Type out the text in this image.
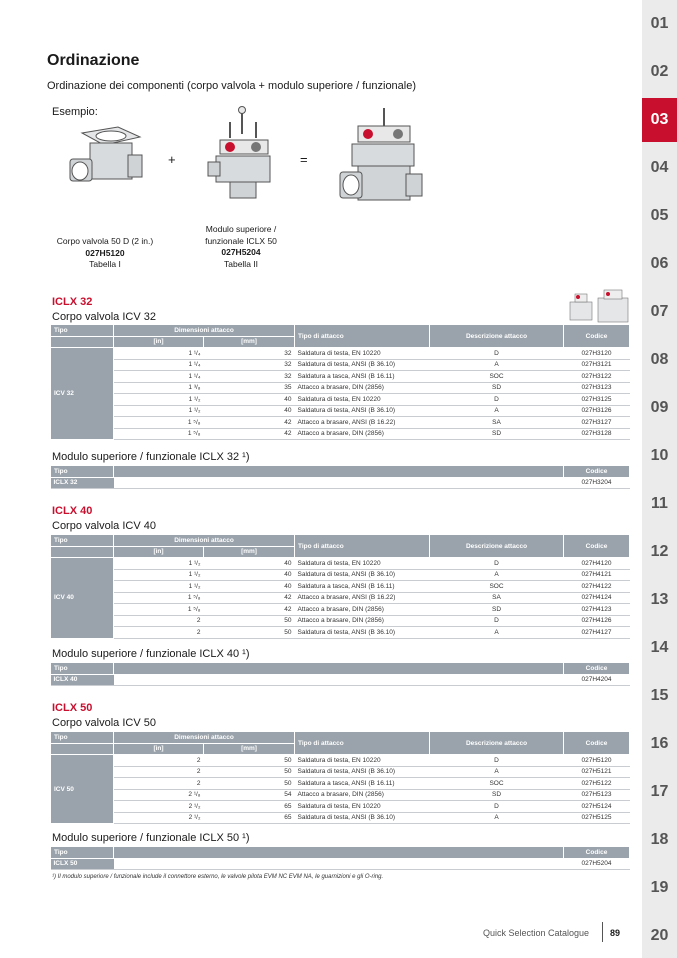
01
02
03
04
05
06
07
08
09
10
11
12
13
14
15
16
17
18
19
20
Ordinazione
Ordinazione dei componenti (corpo valvola + modulo superiore / funzionale)
Esempio:
+	=
Corpo valvola 50 D (2 in.)
027H5120
Tabella I
Modulo superiore /
funzionale ICLX 50
027H5204
Tabella II
ICLX 32
Corpo valvola ICV 32
Tipo	Dimensioni attacco		Tipo di attacco	Descrizione attacco	Codice
	[in]	[mm]			
ICV 32	1 ¹/₄	32	Saldatura di testa, EN 10220	D	027H3120
	1 ¹/₄	32	Saldatura di testa, ANSI (B 36.10)	A	027H3121
	1 ¹/₄	32	Saldatura a tasca, ANSI (B 16.11)	SOC	027H3122
	1 ³/₈	35	Attacco a brasare, DIN (2856)	SD	027H3123
	1 ¹/₂	40	Saldatura di testa, EN 10220	D	027H3125
	1 ¹/₂	40	Saldatura di testa, ANSI (B 36.10)	A	027H3126
	1 ⁵/₈	42	Attacco a brasare, ANSI (B 16.22)	SA	027H3127
	1 ⁵/₈	42	Attacco a brasare, DIN (2856)	SD	027H3128
Modulo superiore / funzionale ICLX 32 ¹)
Tipo		Codice
ICLX 32		027H3204
ICLX 40
Corpo valvola ICV 40
Tipo	Dimensioni attacco		Tipo di attacco	Descrizione attacco	Codice
	[in]	[mm]			
ICV 40	1 ¹/₂	40	Saldatura di testa, EN 10220	D	027H4120
	1 ¹/₂	40	Saldatura di testa, ANSI (B 36.10)	A	027H4121
	1 ¹/₂	40	Saldatura a tasca, ANSI (B 16.11)	SOC	027H4122
	1 ⁵/₈	42	Attacco a brasare, ANSI (B 16.22)	SA	027H4124
	1 ⁵/₈	42	Attacco a brasare, DIN (2856)	SD	027H4123
	2	50	Attacco a brasare, DIN (2856)	D	027H4126
	2	50	Saldatura di testa, ANSI (B 36.10)	A	027H4127
Modulo superiore / funzionale ICLX 40 ¹)
Tipo		Codice
ICLX 40		027H4204
ICLX 50
Corpo valvola ICV 50
Tipo	Dimensioni attacco		Tipo di attacco	Descrizione attacco	Codice
	[in]	[mm]			
ICV 50	2	50	Saldatura di testa, EN 10220	D	027H5120
	2	50	Saldatura di testa, ANSI (B 36.10)	A	027H5121
	2	50	Saldatura a tasca, ANSI (B 16.11)	SOC	027H5122
	2 ¹/₈	54	Attacco a brasare, DIN (2856)	SD	027H5123
	2 ¹/₂	65	Saldatura di testa, EN 10220	D	027H5124
	2 ¹/₂	65	Saldatura di testa, ANSI (B 36.10)	A	027H5125
Modulo superiore / funzionale ICLX 50 ¹)
Tipo		Codice
ICLX 50		027H5204
¹) Il modulo superiore / funzionale include il connettore esterno, le valvole pilota EVM NC EVM NA, le guarnizioni e gli O-ring.
Quick Selection Catalogue 89
